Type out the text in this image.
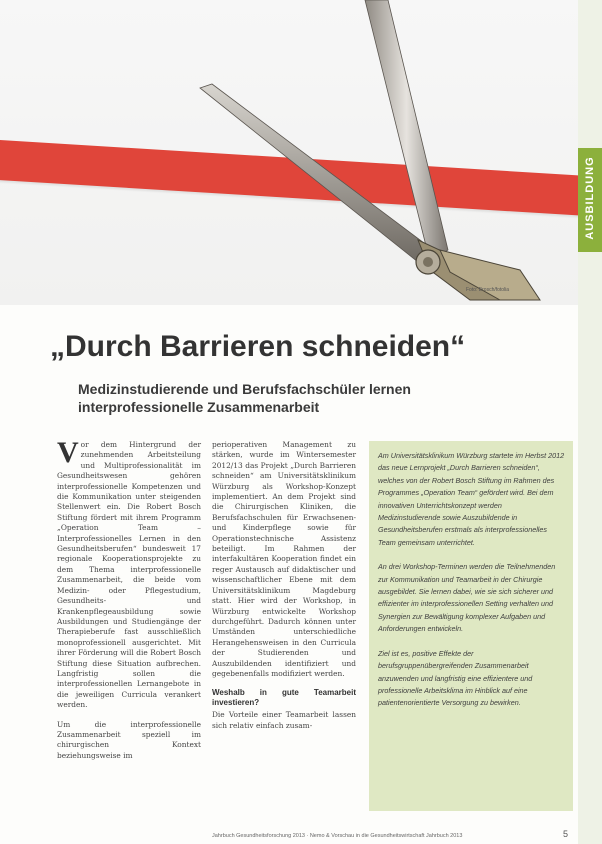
Foto: Brosch/fotolia
AUSBILDUNG
„Durch Barrieren schneiden“
Medizinstudierende und Berufsfachschüler lernen interprofessionelle Zusammenarbeit

Vor dem Hintergrund der zunehmenden Arbeitsteilung und Multiprofessionalität im Gesundheitswesen gehören interprofessionelle Kompetenzen und die Kommunikation unter steigenden Stellenwert ein. Die Robert Bosch Stiftung fördert mit ihrem Programm „Operation Team – Interprofessionelles Lernen in den Gesundheitsberufen“ bundesweit 17 regionale Kooperationsprojekte zu dem Thema interprofessionelle Zusammenarbeit, die beide vom Medizin- oder Pflegestudium, Gesundheits- und Krankenpflegeausbildung sowie Ausbildungen und Studiengänge der Therapieberufe fast ausschließlich monoprofessionell ausgerichtet. Mit ihrer Förderung will die Robert Bosch Stiftung diese Situation aufbrechen. Langfristig sollen die interprofessionellen Lernangebote in die jeweiligen Curricula verankert werden.

Um die interprofessionelle Zusammenarbeit speziell im chirurgischen Kontext beziehungsweise im

perioperativen Management zu stärken, wurde im Wintersemester 2012/13 das Projekt „Durch Barrieren schneiden“ am Universitätsklinikum Würzburg als Workshop-Konzept implementiert. An dem Projekt sind die Chirurgischen Kliniken, die Berufsfachschulen für Erwachsenen- und Kinderpflege sowie für Operationstechnische Assistenz beteiligt. Im Rahmen der interfakultären Kooperation findet ein reger Austausch auf didaktischer und wissenschaftlicher Ebene mit dem Universitätsklinikum Magdeburg statt. Hier wird der Workshop, in Würzburg entwickelte Workshop durchgeführt. Dadurch können unter Umständen unterschiedliche Herangehensweisen in den Curricula der Studierenden und Auszubildenden identifiziert und gegebenenfalls modifiziert werden.

Weshalb in gute Teamarbeit investieren?

Die Vorteile einer Teamarbeit lassen sich relativ einfach zusam-

Am Universitätsklinikum Würzburg startete im Herbst 2012 das neue Lernprojekt „Durch Barrieren schneiden“, welches von der Robert Bosch Stiftung im Rahmen des Programmes „Operation Team“ gefördert wird. Bei dem innovativen Unterrichtskonzept werden Medizinstudierende sowie Auszubildende in Gesundheitsberufen erstmals als interprofessionelles Team gemeinsam unterrichtet.

An drei Workshop-Terminen werden die Teilnehmenden zur Kommunikation und Teamarbeit in der Chirurgie ausgebildet. Sie lernen dabei, wie sie sich sicherer und effizienter im interprofessionellen Setting verhalten und Synergien zur Bewältigung komplexer Aufgaben und Anforderungen entwickeln.

Ziel ist es, positive Effekte der berufsgruppenübergreifenden Zusammenarbeit anzuwenden und langfristig eine effizientere und professionelle Arbeitsklima im Hinblick auf eine patientenorientierte Versorgung zu bewirken.

Jahrbuch Gesundheitsforschung 2013 · Nemo & Vorschau in die Gesundheitswirtschaft Jahrbuch 2013	5
